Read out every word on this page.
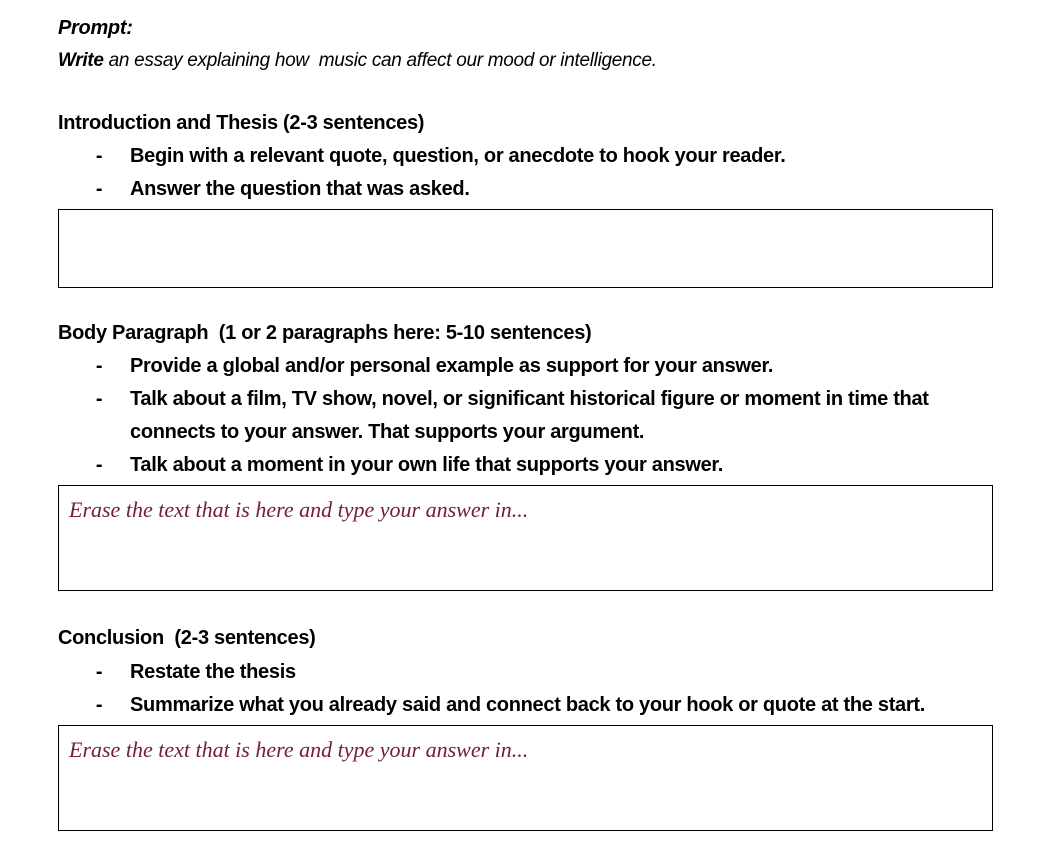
Prompt:
Write an essay explaining how  music can affect our mood or intelligence.
Introduction and Thesis (2-3 sentences)
- Begin with a relevant quote, question, or anecdote to hook your reader.
- Answer the question that was asked.
Body Paragraph  (1 or 2 paragraphs here: 5-10 sentences)
- Provide a global and/or personal example as support for your answer.
- Talk about a film, TV show, novel, or significant historical figure or moment in time that connects to your answer. That supports your argument.
- Talk about a moment in your own life that supports your answer.
Erase the text that is here and type your answer in...
Conclusion  (2-3 sentences)
- Restate the thesis
- Summarize what you already said and connect back to your hook or quote at the start.
Erase the text that is here and type your answer in...
